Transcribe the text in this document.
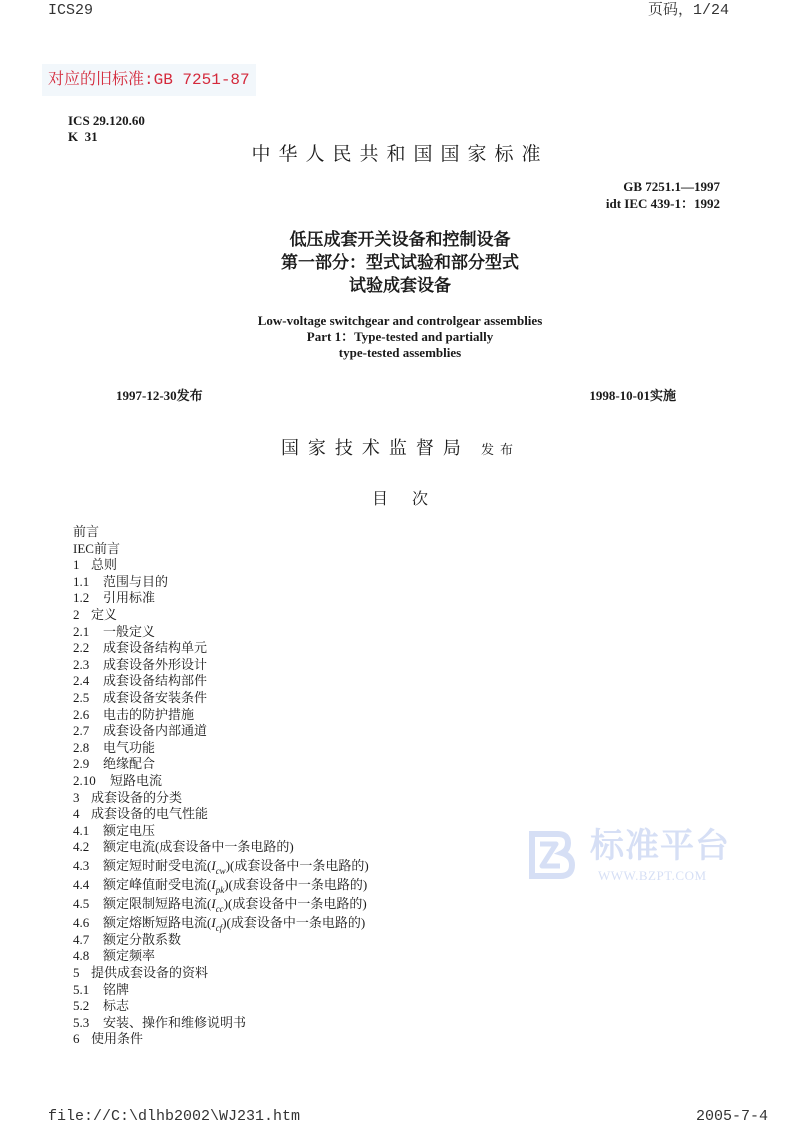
ICS29	页码，1/24
对应的旧标准:GB 7251-87
ICS 29.120.60
K  31
中华人民共和国国家标准
GB 7251.1—1997
idt IEC 439-1：1992
低压成套开关设备和控制设备
第一部分：型式试验和部分型式
试验成套设备
Low-voltage switchgear and controlgear assemblies
Part 1：Type-tested and partially
type-tested assemblies
1997-12-30发布	1998-10-01实施
国家技术监督局 发布
目 次
前言
IEC前言
1 总则
1.1 范围与目的
1.2 引用标准
2 定义
2.1 一般定义
2.2 成套设备结构单元
2.3 成套设备外形设计
2.4 成套设备结构部件
2.5 成套设备安装条件
2.6 电击的防护措施
2.7 成套设备内部通道
2.8 电气功能
2.9 绝缘配合
2.10 短路电流
3 成套设备的分类
4 成套设备的电气性能
4.1 额定电压
4.2 额定电流(成套设备中一条电路的)
4.3 额定短时耐受电流$(I_{cw})$(成套设备中一条电路的)
4.4 额定峰值耐受电流$(I_{pk})$(成套设备中一条电路的)
4.5 额定限制短路电流$(I_{cc})$(成套设备中一条电路的)
4.6 额定熔断短路电流$(I_{cf})$(成套设备中一条电路的)
4.7 额定分散系数
4.8 额定频率
5 提供成套设备的资料
5.1 铭牌
5.2 标志
5.3 安装、操作和维修说明书
6 使用条件
标准平台
WWW.BZPT.COM
file://C:\dlhb2002\WJ231.htm	2005-7-4
